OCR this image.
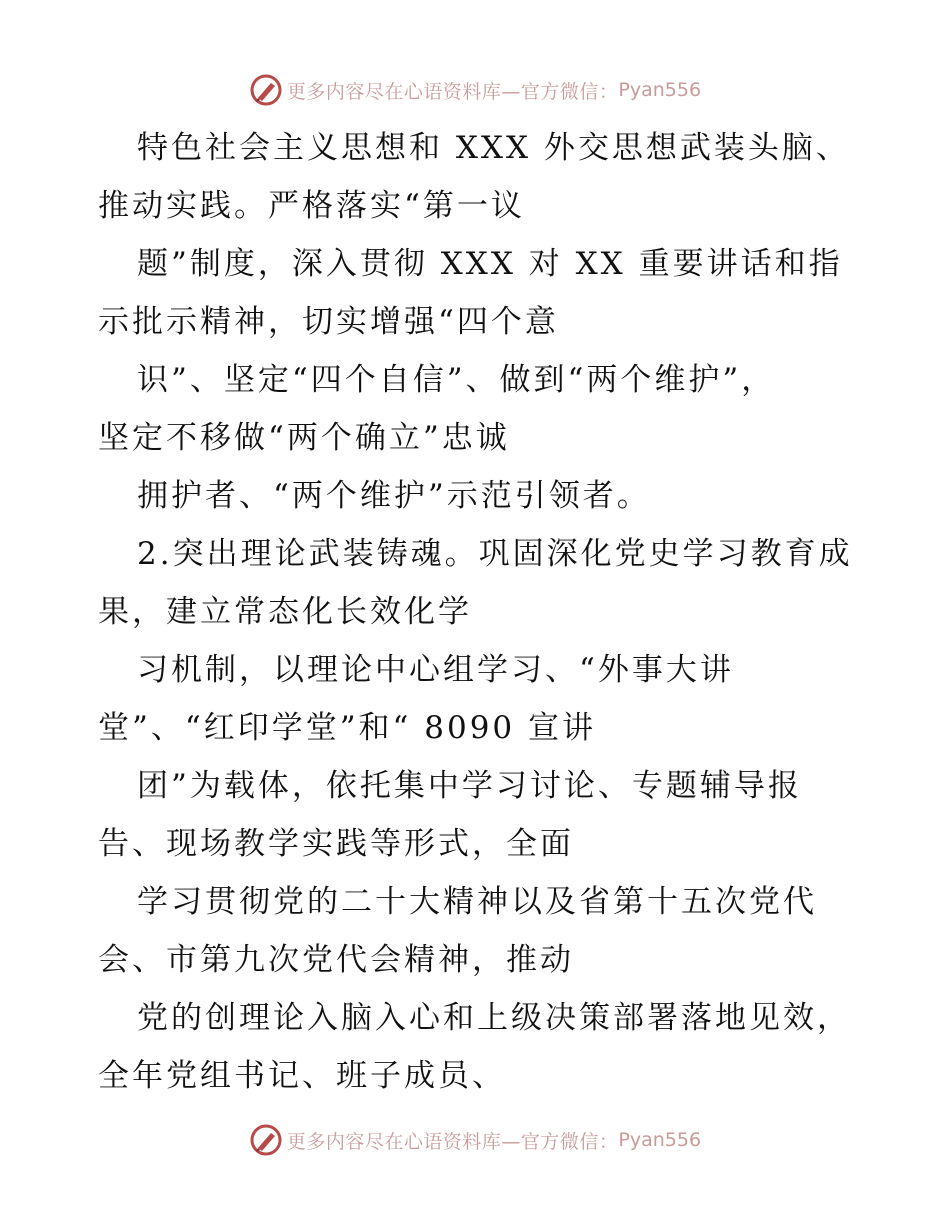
更多内容尽在心语资料库—官方微信： Pyan556
特色社会主义思想和 XXX 外交思想武装头脑、
推动实践。严格落实“第一议
题”制度，深入贯彻 XXX 对 XX 重要讲话和指
示批示精神，切实增强“四个意
识”、坚定“四个自信”、做到“两个维护”，
坚定不移做“两个确立”忠诚
拥护者、“两个维护”示范引领者。
2.突出理论武装铸魂。巩固深化党史学习教育成
果，建立常态化长效化学
习机制，以理论中心组学习、“外事大讲
堂”、“红印学堂”和“ 8090 宣讲
团”为载体，依托集中学习讨论、专题辅导报
告、现场教学实践等形式，全面
学习贯彻党的二十大精神以及省第十五次党代
会、市第九次党代会精神，推动
党的创理论入脑入心和上级决策部署落地见效，
全年党组书记、班子成员、
更多内容尽在心语资料库—官方微信： Pyan556
